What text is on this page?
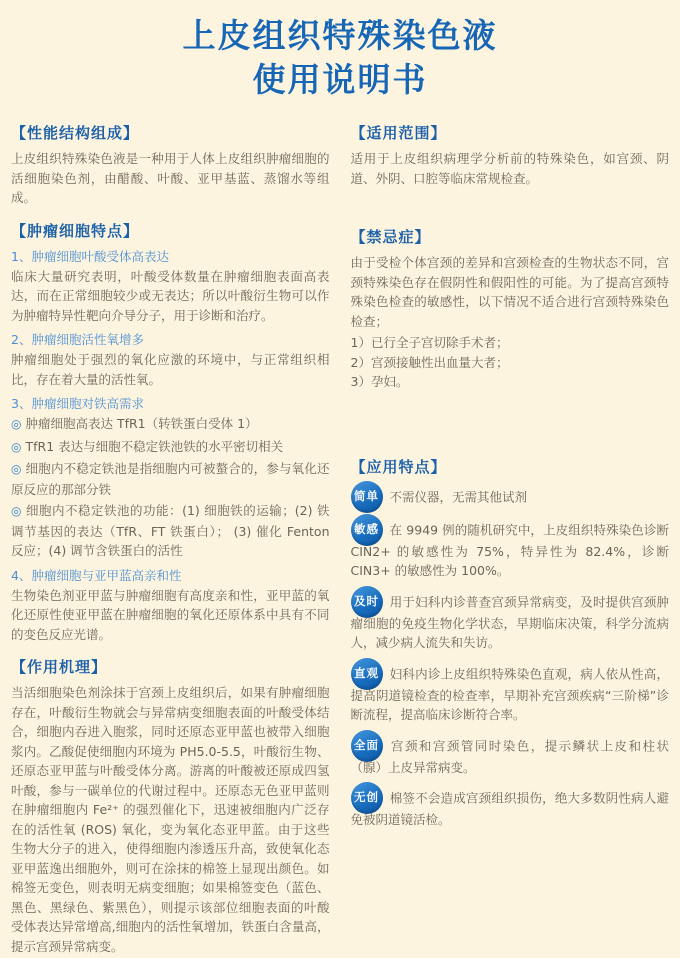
上皮组织特殊染色液
使用说明书
【性能结构组成】

上皮组织特殊染色液是一种用于人体上皮组织肿瘤细胞的活细胞染色剂，由醋酸、叶酸、亚甲基蓝、蒸馏水等组成。

【肿瘤细胞特点】
1、肿瘤细胞叶酸受体高表达

临床大量研究表明，叶酸受体数量在肿瘤细胞表面高表达，而在正常细胞较少或无表达；所以叶酸衍生物可以作为肿瘤特异性靶向介导分子，用于诊断和治疗。

2、肿瘤细胞活性氧增多

肿瘤细胞处于强烈的氧化应激的环境中，与正常组织相比，存在着大量的活性氧。

3、肿瘤细胞对铁高需求

◎ 肿瘤细胞高表达 TfR1（转铁蛋白受体 1）

◎ TfR1 表达与细胞不稳定铁池铁的水平密切相关

◎ 细胞内不稳定铁池是指细胞内可被螯合的，参与氧化还原反应的那部分铁

◎ 细胞内不稳定铁池的功能：(1) 细胞铁的运输；(2) 铁调节基因的表达（TfR、FT 铁蛋白）； (3) 催化 Fenton 反应；(4) 调节含铁蛋白的活性

4、肿瘤细胞与亚甲蓝高亲和性

生物染色剂亚甲蓝与肿瘤细胞有高度亲和性，亚甲蓝的氧化还原性使亚甲蓝在肿瘤细胞的氧化还原体系中具有不同的变色反应光谱。

【作用机理】

当活细胞染色剂涂抹于宫颈上皮组织后，如果有肿瘤细胞存在，叶酸衍生物就会与异常病变细胞表面的叶酸受体结合，细胞内吞进入胞浆，同时还原态亚甲蓝也被带入细胞浆内。乙酸促使细胞内环境为 PH5.0-5.5，叶酸衍生物、还原态亚甲蓝与叶酸受体分离。游离的叶酸被还原成四氢叶酸，参与一碳单位的代谢过程中。还原态无色亚甲蓝则在肿瘤细胞内 Fe²⁺ 的强烈催化下，迅速被细胞内广泛存在的活性氧 (ROS) 氧化，变为氧化态亚甲蓝。由于这些生物大分子的进入，使得细胞内渗透压升高，致使氧化态亚甲蓝逸出细胞外，则可在涂抹的棉签上显现出颜色。如棉签无变色，则表明无病变细胞；如果棉签变色（蓝色、黑色、黑绿色、紫黑色），则提示该部位细胞表面的叶酸受体表达异常增高,细胞内的活性氧增加，铁蛋白含量高，提示宫颈异常病变。

【适用范围】

适用于上皮组织病理学分析前的特殊染色，如宫颈、阴道、外阴、口腔等临床常规检查。

【禁忌症】

由于受检个体宫颈的差异和宫颈检查的生物状态不同，宫颈特殊染色存在假阴性和假阳性的可能。为了提高宫颈特殊染色检查的敏感性，以下情况不适合进行宫颈特殊染色检查；

1）已行全子宫切除手术者；

2）宫颈接触性出血量大者；

3）孕妇。

【应用特点】

简单 不需仪器，无需其他试剂

敏感 在 9949 例的随机研究中，上皮组织特殊染色诊断 CIN2+ 的敏感性为 75%，特异性为 82.4%，诊断 CIN3+ 的敏感性为 100%。

及时 用于妇科内诊普查宫颈异常病变，及时提供宫颈肿瘤细胞的免疫生物化学状态，早期临床决策，科学分流病人，减少病人流失和失访。

直观 妇科内诊上皮组织特殊染色直观，病人依从性高，提高阴道镜检查的检查率，早期补充宫颈疾病“三阶梯”诊断流程，提高临床诊断符合率。

全面 宫颈和宫颈管同时染色，提示鳞状上皮和柱状（腺）上皮异常病变。

无创 棉签不会造成宫颈组织损伤，绝大多数阴性病人避免被阴道镜活检。
